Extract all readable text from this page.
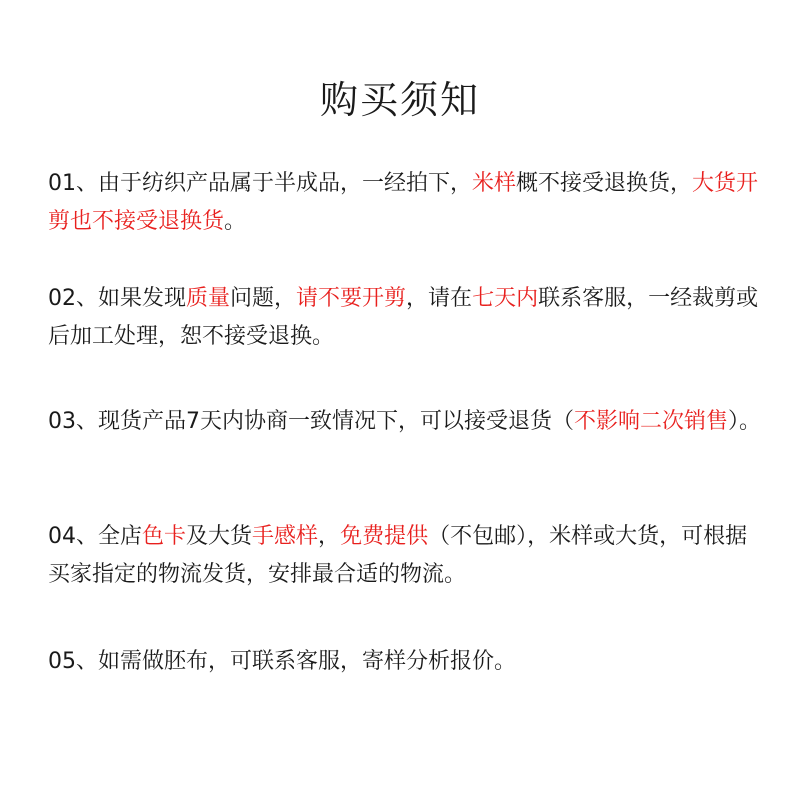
购买须知

01、由于纺织产品属于半成品，一经拍下，米样概不接受退换货，大货开剪也不接受退换货。

02、如果发现质量问题，请不要开剪，请在七天内联系客服，一经裁剪或后加工处理，恕不接受退换。

03、现货产品7天内协商一致情况下，可以接受退货（不影响二次销售）。

04、全店色卡及大货手感样，免费提供（不包邮），米样或大货，可根据买家指定的物流发货，安排最合适的物流。

05、如需做胚布，可联系客服，寄样分析报价。
